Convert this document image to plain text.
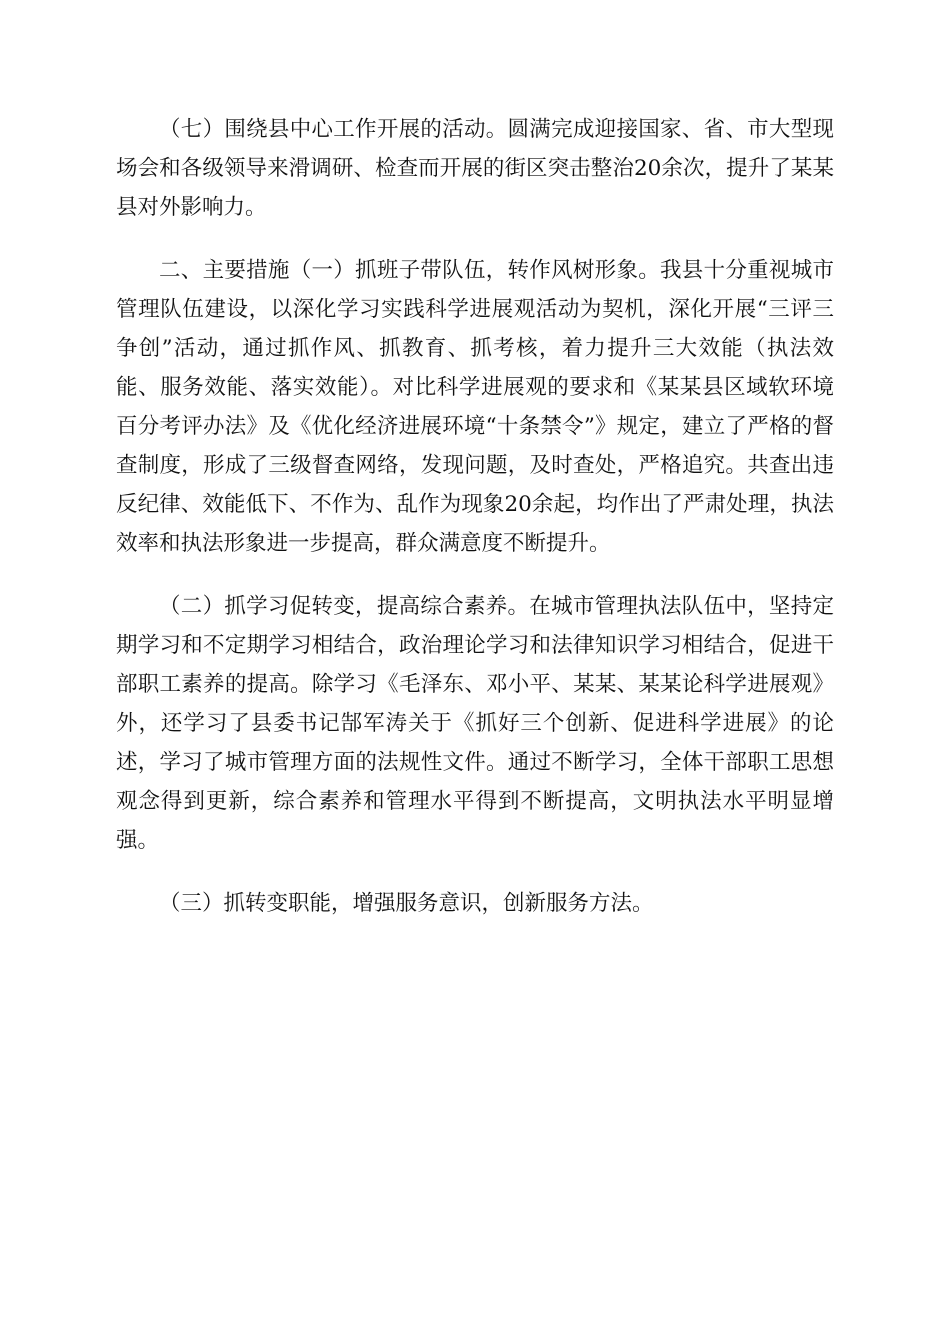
（七）围绕县中心工作开展的活动。圆满完成迎接国家、省、市大型现场会和各级领导来滑调研、检查而开展的街区突击整治20余次，提升了某某县对外影响力。

二、主要措施（一）抓班子带队伍，转作风树形象。我县十分重视城市管理队伍建设，以深化学习实践科学进展观活动为契机，深化开展“三评三争创”活动，通过抓作风、抓教育、抓考核，着力提升三大效能（执法效能、服务效能、落实效能）。对比科学进展观的要求和《某某县区域软环境百分考评办法》及《优化经济进展环境“十条禁令”》规定，建立了严格的督查制度，形成了三级督查网络，发现问题，及时查处，严格追究。共查出违反纪律、效能低下、不作为、乱作为现象20余起，均作出了严肃处理，执法效率和执法形象进一步提高，群众满意度不断提升。

（二）抓学习促转变，提高综合素养。在城市管理执法队伍中，坚持定期学习和不定期学习相结合，政治理论学习和法律知识学习相结合，促进干部职工素养的提高。除学习《毛泽东、邓小平、某某、某某论科学进展观》外，还学习了县委书记郜军涛关于《抓好三个创新、促进科学进展》的论述，学习了城市管理方面的法规性文件。通过不断学习，全体干部职工思想观念得到更新，综合素养和管理水平得到不断提高，文明执法水平明显增强。

（三）抓转变职能，增强服务意识，创新服务方法。
